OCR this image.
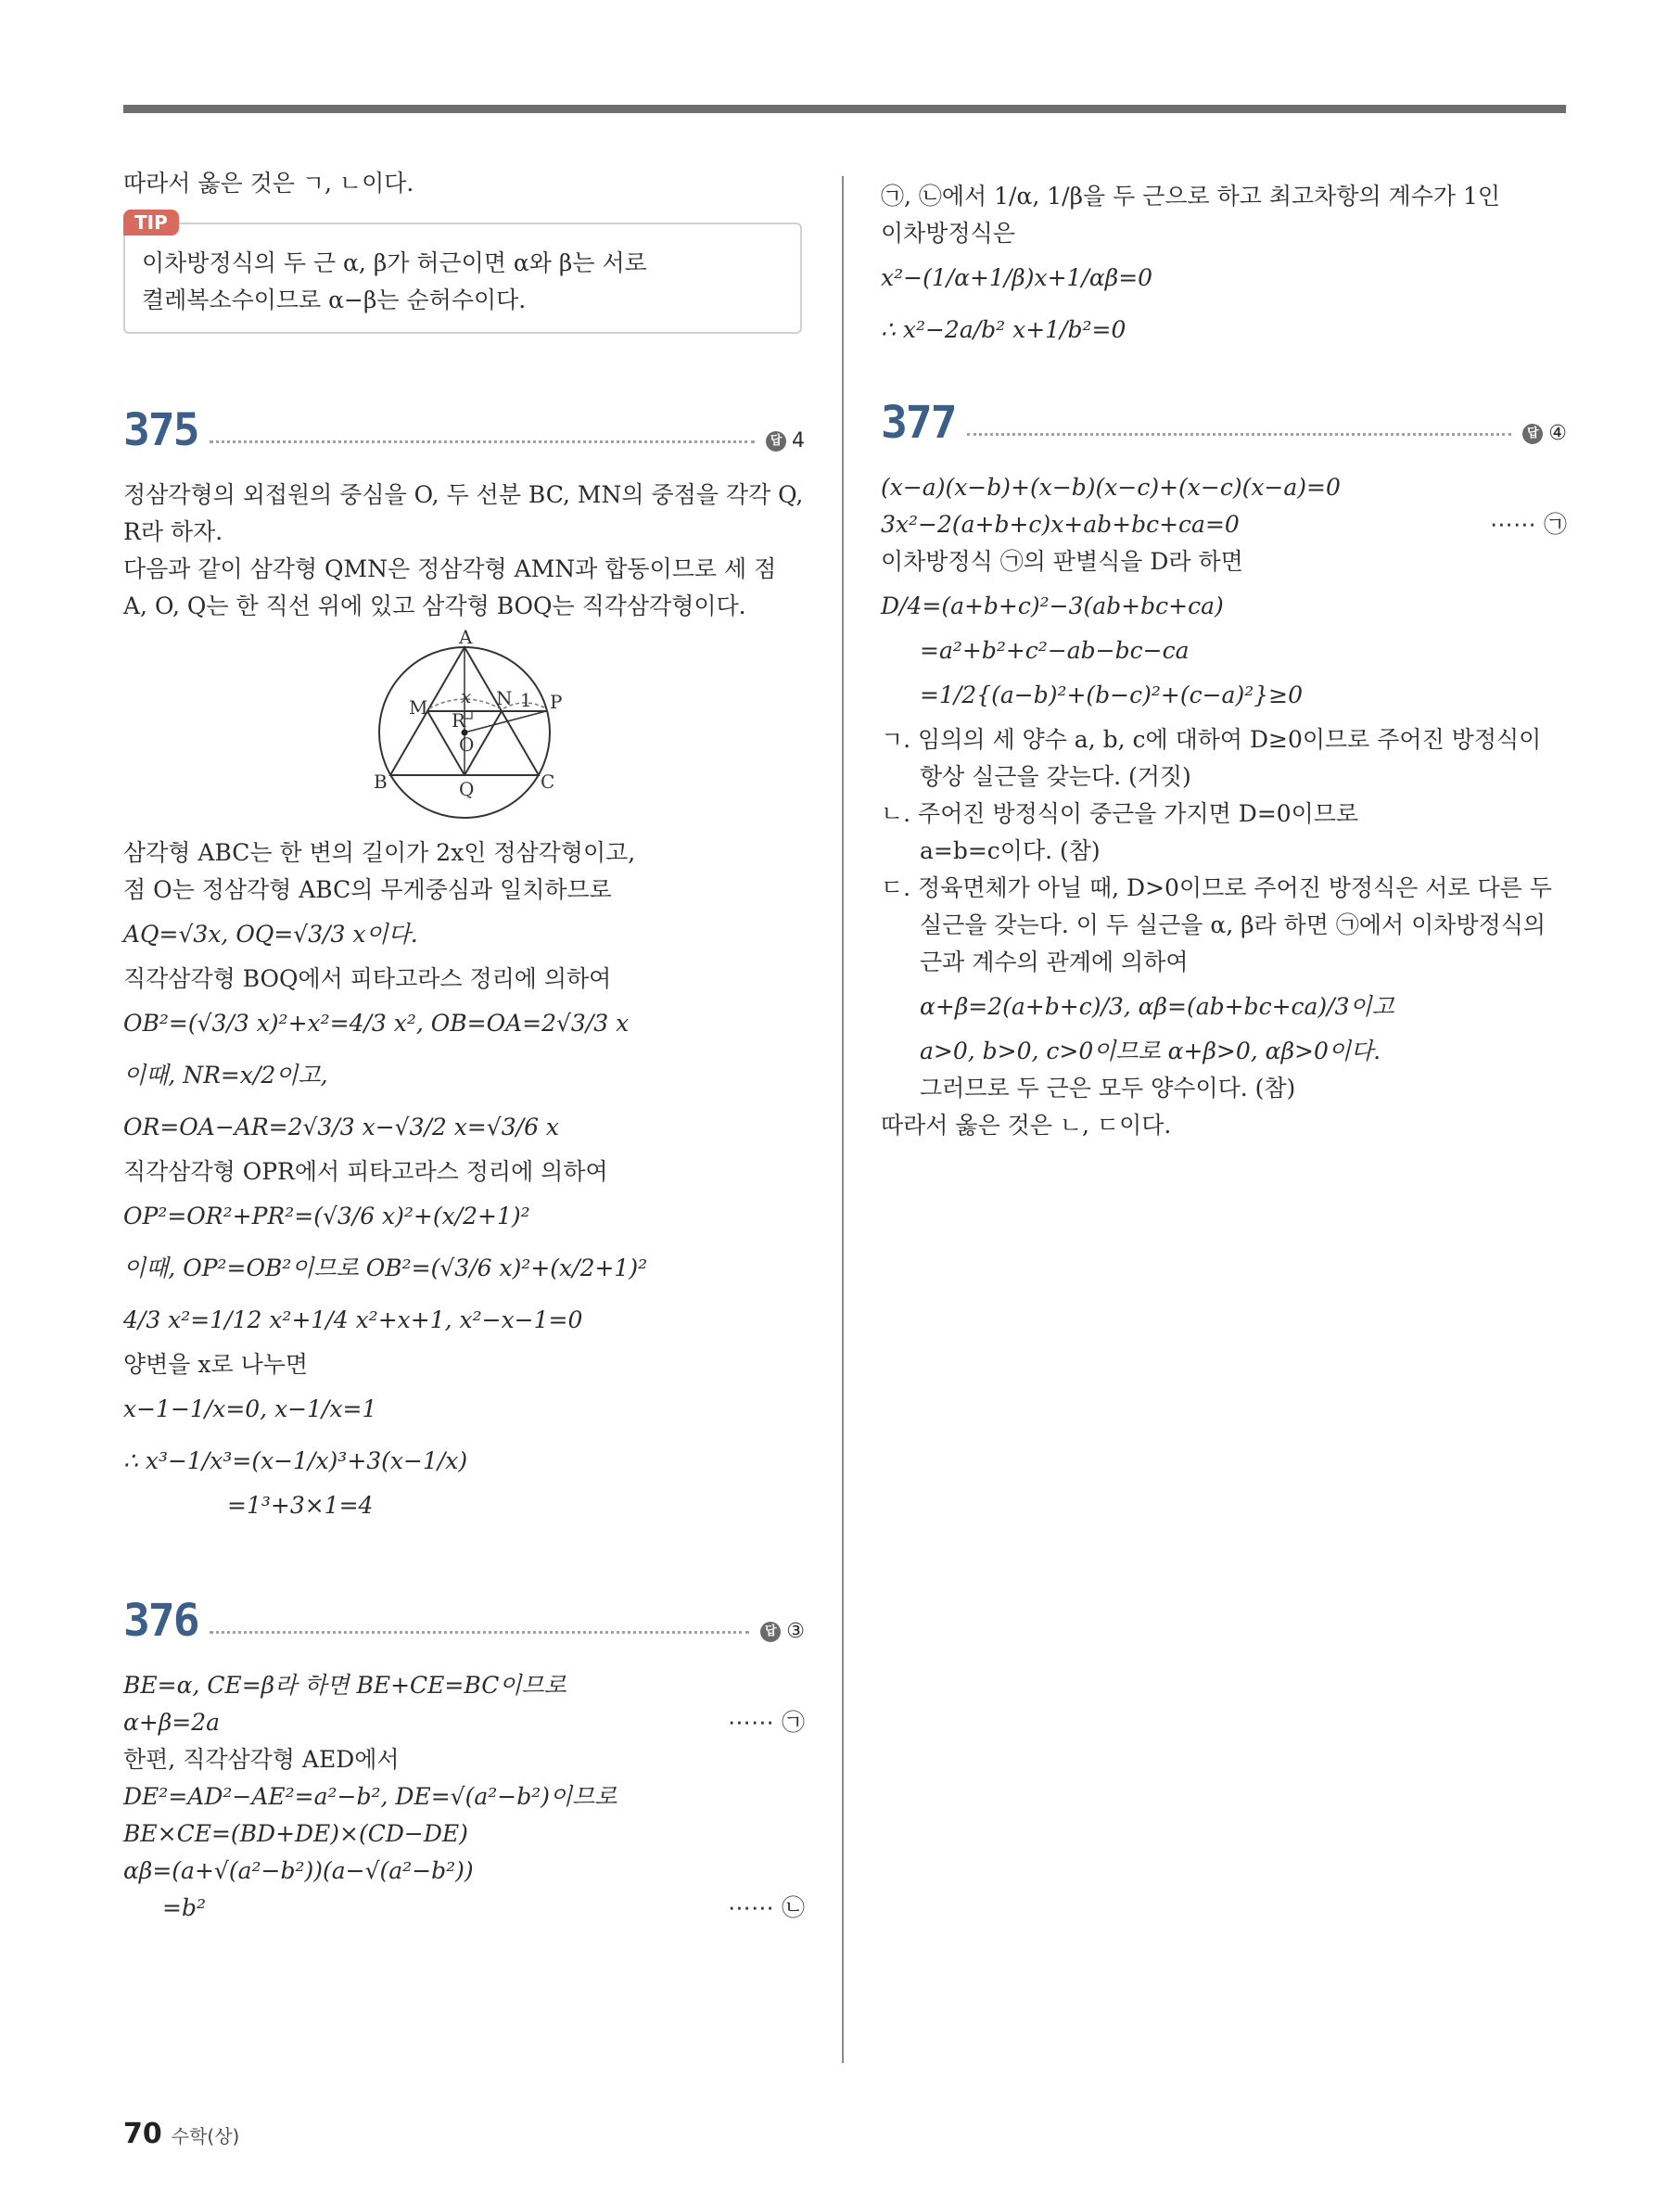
따라서 옳은 것은 ㄱ, ㄴ이다.
TIP
이차방정식의 두 근 α, β가 허근이면 α와 β는 서로
켤레복소수이므로 α−β는 순허수이다.
375	답 4
정삼각형의 외접원의 중심을 O, 두 선분 BC, MN의 중점을 각각 Q,
R라 하자.
다음과 같이 삼각형 QMN은 정삼각형 AMN과 합동이므로 세 점
A, O, Q는 한 직선 위에 있고 삼각형 BOQ는 직각삼각형이다.
A
B	C
M	N P
Q
R
O
x	1
삼각형 ABC는 한 변의 길이가 2x인 정삼각형이고,
점 O는 정삼각형 ABC의 무게중심과 일치하므로
AQ=√3x, OQ=√3/3 x이다.
직각삼각형 BOQ에서 피타고라스 정리에 의하여
OB²=(√3/3 x)²+x²=4/3 x², OB=OA=2√3/3 x
이때, NR=x/2이고,
OR=OA−AR=2√3/3 x−√3/2 x=√3/6 x
직각삼각형 OPR에서 피타고라스 정리에 의하여
OP²=OR²+PR²=(√3/6 x)²+(x/2+1)²
이때, OP²=OB²이므로 OB²=(√3/6 x)²+(x/2+1)²
4/3 x²=1/12 x²+1/4 x²+x+1, x²−x−1=0
양변을 x로 나누면
x−1−1/x=0, x−1/x=1
∴ x³−1/x³=(x−1/x)³+3(x−1/x)
=1³+3×1=4
376	답 ③
BE=α, CE=β라 하면 BE+CE=BC이므로
α+β=2a	⋯⋯ ㉠
한편, 직각삼각형 AED에서
DE²=AD²−AE²=a²−b², DE=√(a²−b²)이므로
BE×CE=(BD+DE)×(CD−DE)
αβ=(a+√(a²−b²))(a−√(a²−b²))
=b²	⋯⋯ ㉡
㉠, ㉡에서 1/α, 1/β을 두 근으로 하고 최고차항의 계수가 1인
이차방정식은
x²−(1/α+1/β)x+1/αβ=0
∴ x²−2a/b² x+1/b²=0
377	답 ④
(x−a)(x−b)+(x−b)(x−c)+(x−c)(x−a)=0
3x²−2(a+b+c)x+ab+bc+ca=0	⋯⋯ ㉠
이차방정식 ㉠의 판별식을 D라 하면
D/4=(a+b+c)²−3(ab+bc+ca)
=a²+b²+c²−ab−bc−ca
=1/2{(a−b)²+(b−c)²+(c−a)²}≥0
ㄱ. 임의의 세 양수 a, b, c에 대하여 D≥0이므로 주어진 방정식이
항상 실근을 갖는다. (거짓)
ㄴ. 주어진 방정식이 중근을 가지면 D=0이므로
a=b=c이다. (참)
ㄷ. 정육면체가 아닐 때, D>0이므로 주어진 방정식은 서로 다른 두
실근을 갖는다. 이 두 실근을 α, β라 하면 ㉠에서 이차방정식의
근과 계수의 관계에 의하여
α+β=2(a+b+c)/3, αβ=(ab+bc+ca)/3이고
a>0, b>0, c>0이므로 α+β>0, αβ>0이다.
그러므로 두 근은 모두 양수이다. (참)
따라서 옳은 것은 ㄴ, ㄷ이다.
70 수학(상)
